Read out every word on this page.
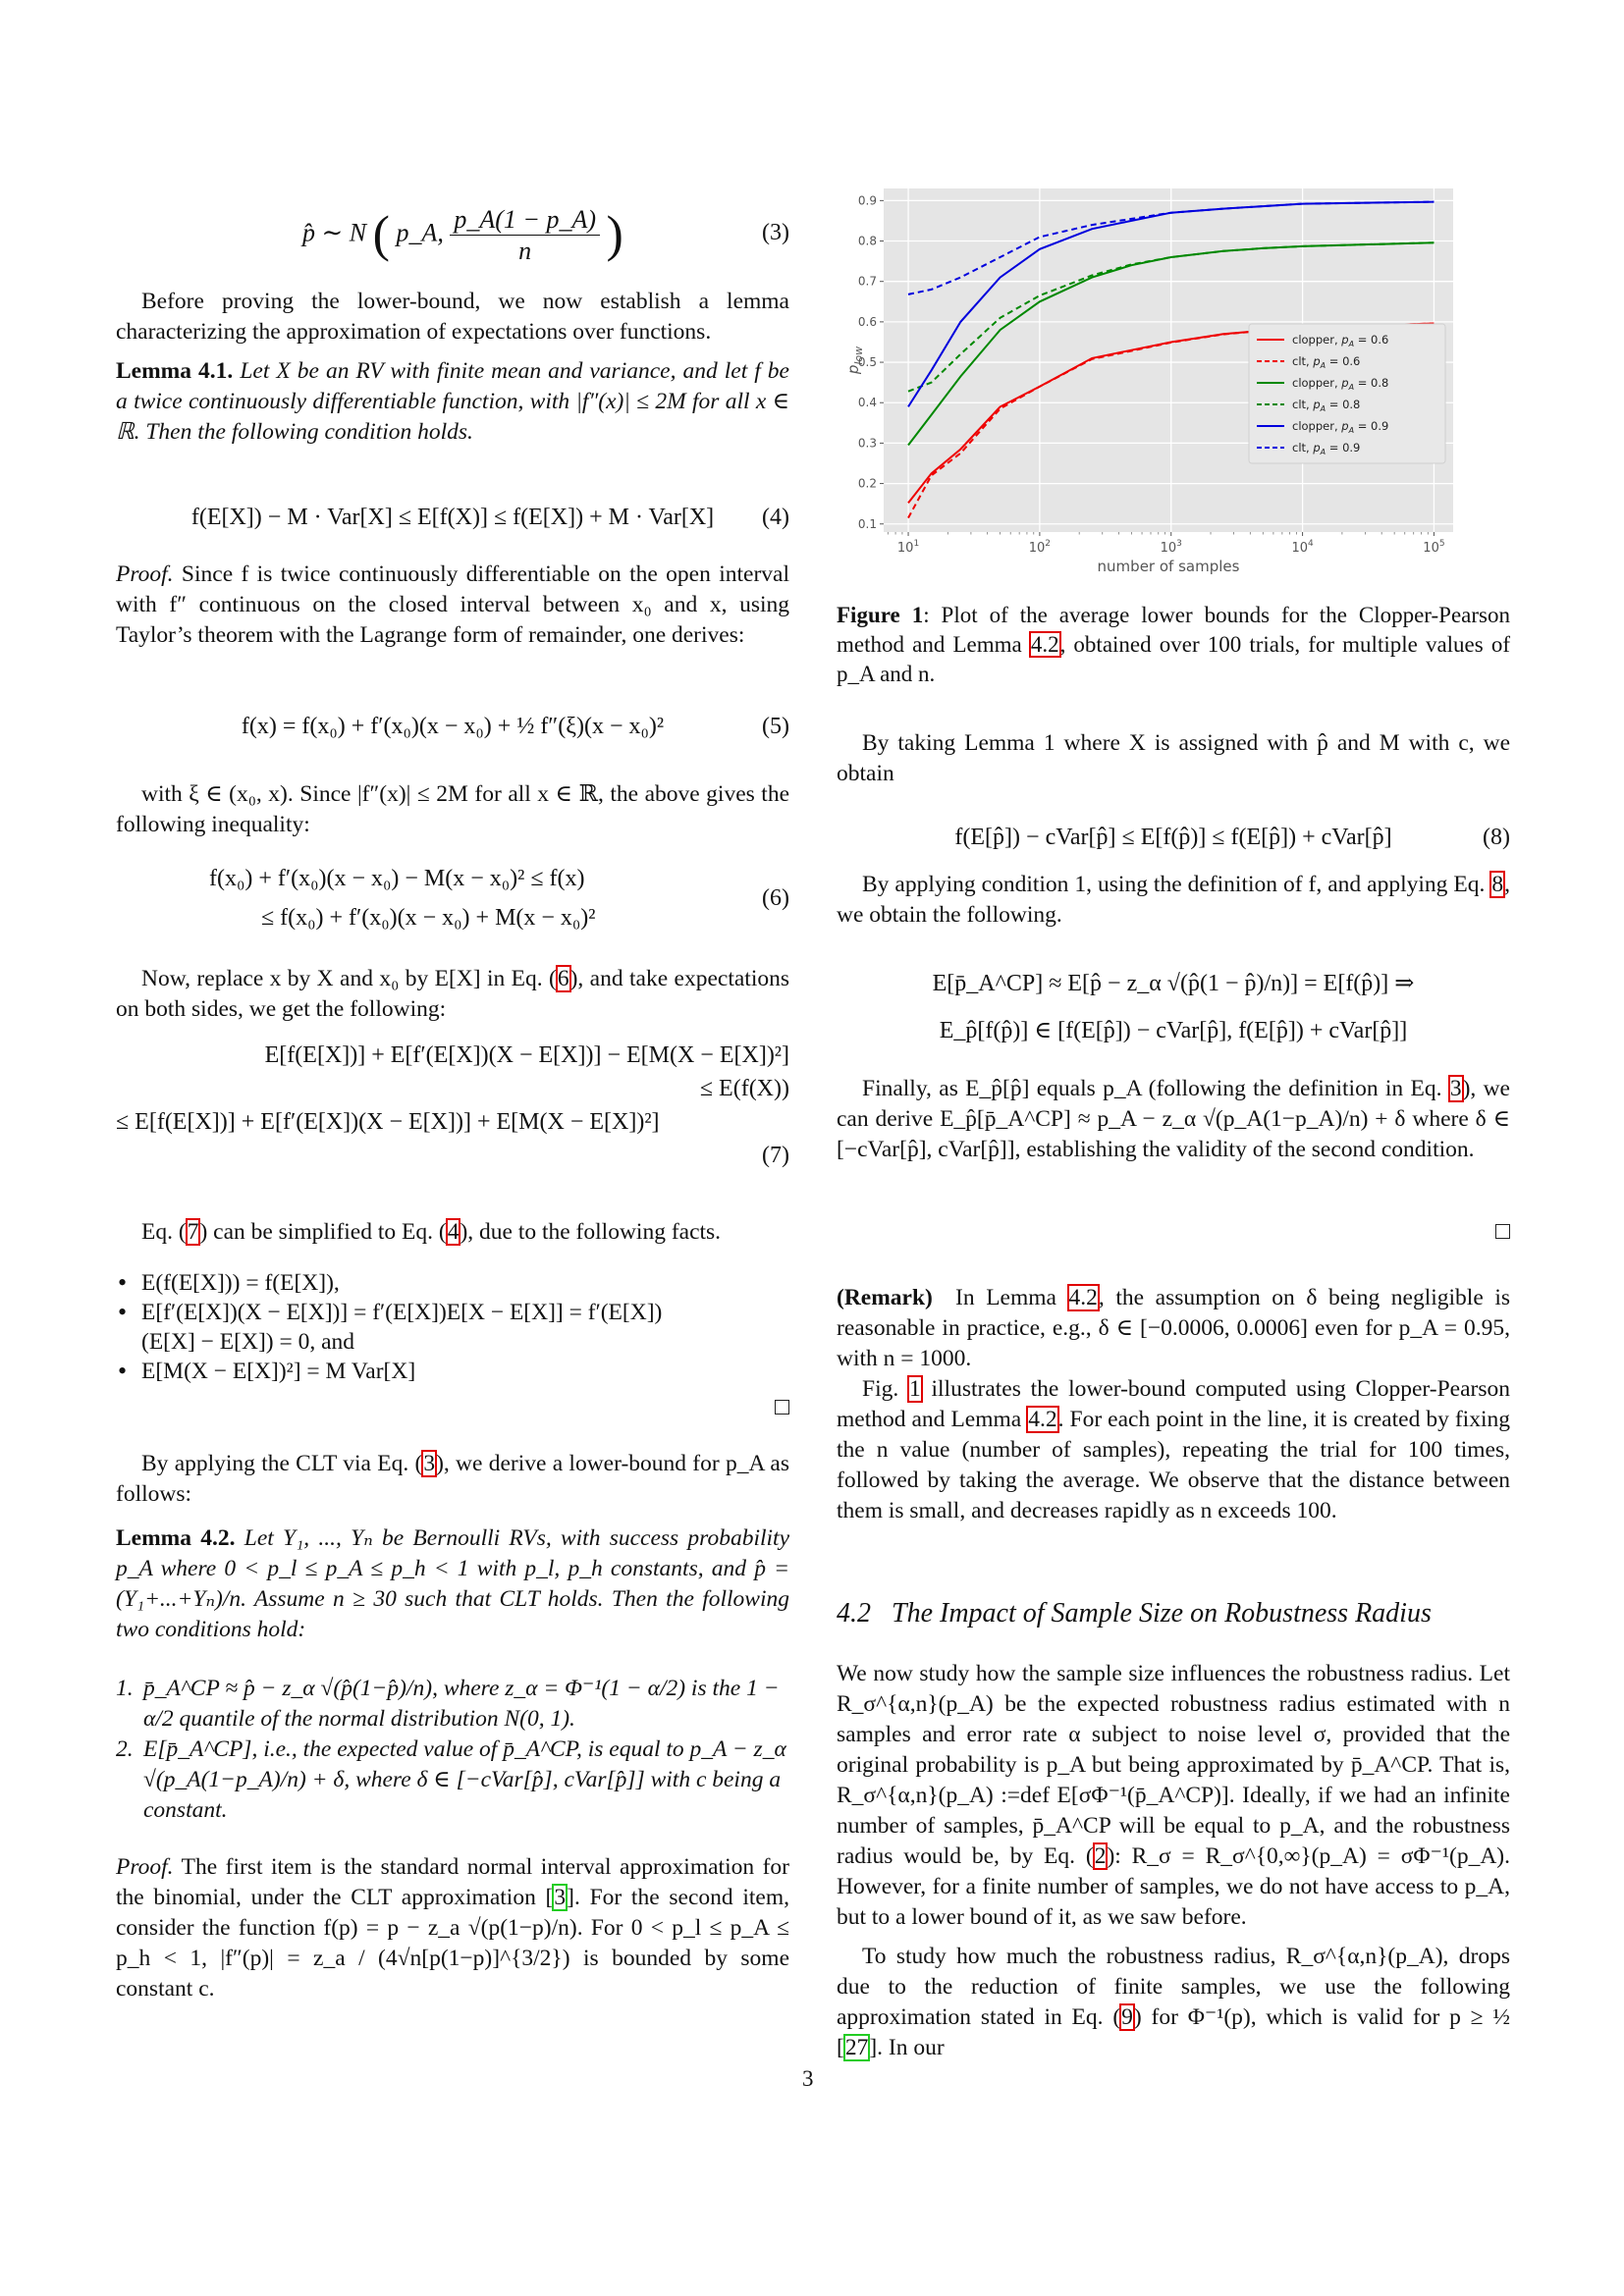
p̂ ∼ N ( p_A, $\frac{p\_A(1 - p\_A)}{n}$ )	(3)

Before proving the lower-bound, we now establish a lemma characterizing the approximation of expectations over functions.

Lemma 4.1. Let X be an RV with finite mean and variance, and let f be a twice continuously differentiable function, with |f″(x)| ≤ 2M for all x ∈ ℝ. Then the following condition holds.

f(E[X]) − M · Var[X] ≤ E[f(X)] ≤ f(E[X]) + M · Var[X] (4)

Proof. Since f is twice continuously differentiable on the open interval with f″ continuous on the closed interval between x₀ and x, using Taylor’s theorem with the Lagrange form of remainder, one derives:

f(x) = f(x₀) + f′(x₀)(x − x₀) + ½ f″(ξ)(x − x₀)²	(5)

with ξ ∈ (x₀, x). Since |f″(x)| ≤ 2M for all x ∈ ℝ, the above gives the following inequality:

f(x₀) + f′(x₀)(x − x₀) − M(x − x₀)² ≤ f(x)
≤ f(x₀) + f′(x₀)(x − x₀) + M(x − x₀)²
(6)

Now, replace x by X and x₀ by E[X] in Eq. (6), and take expectations on both sides, we get the following:

E[f(E[X])] + E[f′(E[X])(X − E[X])] − E[M(X − E[X])²]
≤ E(f(X))
≤ E[f(E[X])] + E[f′(E[X])(X − E[X])] + E[M(X − E[X])²]
(7)

Eq. (7) can be simplified to Eq. (4), due to the following facts.

• E(f(E[X])) = f(E[X]),
• E[f′(E[X])(X − E[X])] = f′(E[X])E[X − E[X]] = f′(E[X])(E[X] − E[X]) = 0, and
• E[M(X − E[X])²] = M Var[X]

By applying the CLT via Eq. (3), we derive a lower-bound for p_A as follows:

Lemma 4.2. Let Y₁, ..., Yₙ be Bernoulli RVs, with success probability p_A where 0 < p_l ≤ p_A ≤ p_h < 1 with p_l, p_h constants, and p̂ = (Y₁+...+Yₙ)/n. Assume n ≥ 30 such that CLT holds. Then the following two conditions hold:

1. p̄_A^CP ≈ p̂ − z_α √(p̂(1−p̂)/n), where z_α = Φ⁻¹(1 − α/2) is the 1 − α/2 quantile of the normal distribution N(0, 1).
2. E[p̄_A^CP], i.e., the expected value of p̄_A^CP, is equal to p_A − z_α √(p_A(1−p_A)/n) + δ, where δ ∈ [−cVar[p̂], cVar[p̂]] with c being a constant.

Proof. The first item is the standard normal interval approximation for the binomial, under the CLT approximation [3]. For the second item, consider the function f(p) = p − z_a √(p(1−p)/n). For 0 < p_l ≤ p_A ≤ p_h < 1, |f″(p)| = z_a / (4√n[p(1−p)]^{3/2}) is bounded by some constant c.

0.1
0.2
0.3
0.4
0.5
0.6
0.7
0.8
0.9
$10^1$	$10^2$	$10^3$	$10^4$	$10^5$
number of samples
$p_{low}$
clopper, $p_A = 0.6$
clt, $p_A = 0.6$
clopper, $p_A = 0.8$
clt, $p_A = 0.8$
clopper, $p_A = 0.9$
clt, $p_A = 0.9$

Figure 1: Plot of the average lower bounds for the Clopper-Pearson method and Lemma 4.2, obtained over 100 trials, for multiple values of p_A and n.

By taking Lemma 1 where X is assigned with p̂ and M with c, we obtain

f(E[p̂]) − cVar[p̂] ≤ E[f(p̂)] ≤ f(E[p̂]) + cVar[p̂]	(8)

By applying condition 1, using the definition of f, and applying Eq. 8, we obtain the following.

E[p̄_A^CP] ≈ E[p̂ − z_α √(p̂(1 − p̂)/n)] = E[f(p̂)] ⇒
E_p̂[f(p̂)] ∈ [f(E[p̂]) − cVar[p̂], f(E[p̂]) + cVar[p̂]]

Finally, as E_p̂[p̂] equals p_A (following the definition in Eq. 3), we can derive E_p̂[p̄_A^CP] ≈ p_A − z_α √(p_A(1−p_A)/n) + δ where δ ∈ [−cVar[p̂], cVar[p̂]], establishing the validity of the second condition.

(Remark) In Lemma 4.2, the assumption on δ being negligible is reasonable in practice, e.g., δ ∈ [−0.0006, 0.0006] even for p_A = 0.95, with n = 1000.

Fig. 1 illustrates the lower-bound computed using Clopper-Pearson method and Lemma 4.2. For each point in the line, it is created by fixing the n value (number of samples), repeating the trial for 100 times, followed by taking the average. We observe that the distance between them is small, and decreases rapidly as n exceeds 100.

4.2 The Impact of Sample Size on Robustness Radius

We now study how the sample size influences the robustness radius. Let R_σ^{α,n}(p_A) be the expected robustness radius estimated with n samples and error rate α subject to noise level σ, provided that the original probability is p_A but being approximated by p̄_A^CP. That is, R_σ^{α,n}(p_A) :=def E[σΦ⁻¹(p̄_A^CP)]. Ideally, if we had an infinite number of samples, p̄_A^CP will be equal to p_A, and the robustness radius would be, by Eq. (2): R_σ = R_σ^{0,∞}(p_A) = σΦ⁻¹(p_A). However, for a finite number of samples, we do not have access to p_A, but to a lower bound of it, as we saw before.

To study how much the robustness radius, R_σ^{α,n}(p_A), drops due to the reduction of finite samples, we use the following approximation stated in Eq. (9) for Φ⁻¹(p), which is valid for p ≥ ½ [27]. In our

3
